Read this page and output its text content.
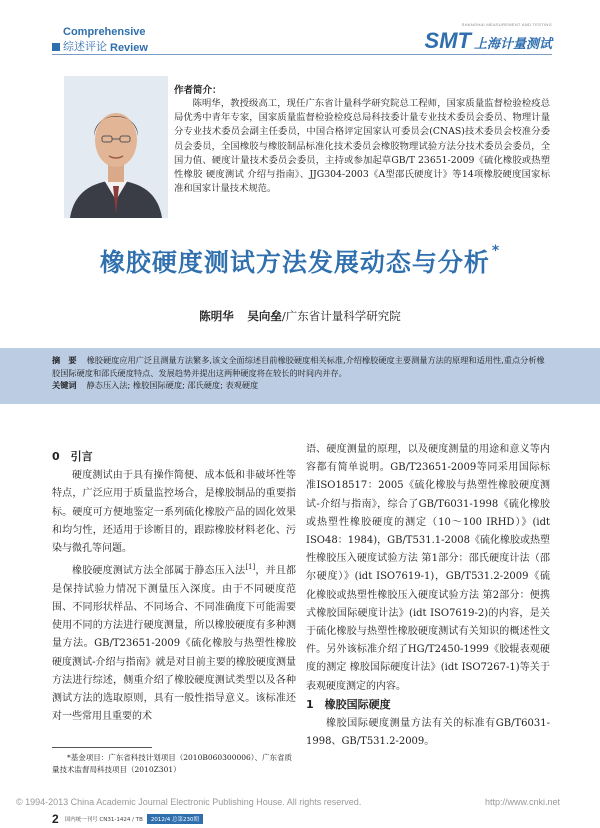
Comprehensive
综述评论 Review
SHANGHAI MEASUREMENT AND TESTING
SMT 上海计量测试
作者简介：
陈明华，教授级高工，现任广东省计量科学研究院总工程师，国家质量监督检验检疫总局优秀中青年专家，国家质量监督检验检疫总局科技委计量专业技术委员会委员、物理计量分专业技术委员会副主任委员，中国合格评定国家认可委员会(CNAS)技术委员会校准分委员会委员，全国橡胶与橡胶制品标准化技术委员会橡胶物理试验方法分技术委员会委员，全国力值、硬度计量技术委员会委员，主持或参加起草GB/T 23651-2009《硫化橡胶或热塑性橡胶 硬度测试 介绍与指南》、JJG304-2003《A型邵氏硬度计》等14项橡胶硬度国家标准和国家计量技术规范。
橡胶硬度测试方法发展动态与分析 *
陈明华 吴向垒/广东省计量科学研究院
摘　要 橡胶硬度应用广泛且测量方法繁多,该文全面综述目前橡胶硬度相关标准,介绍橡胶硬度主要测量方法的原理和适用性,重点分析橡胶国际硬度和邵氏硬度特点、发展趋势并提出这两种硬度将在较长的时间内并存。
关键词 静态压入法; 橡胶国际硬度; 邵氏硬度; 表观硬度
0　引言
硬度测试由于具有操作简便、成本低和非破坏性等特点，广泛应用于质量监控场合，是橡胶制品的重要指标。硬度可方便地鉴定一系列硫化橡胶产品的固化效果和均匀性，还适用于诊断目的，跟踪橡胶材料老化、污染与微孔等问题。
橡胶硬度测试方法全部属于静态压入法[1]，并且都是保持试验力情况下测量压入深度。由于不同硬度范围、不同形状样品、不同场合、不同准确度下可能需要使用不同的方法进行硬度测量，所以橡胶硬度有多种测量方法。GB/T23651-2009《硫化橡胶与热塑性橡胶硬度测试-介绍与指南》就是对目前主要的橡胶硬度测量方法进行综述，侧重介绍了橡胶硬度测试类型以及各种测试方法的选取原则，具有一般性指导意义。该标准还对一些常用且重要的术
语、硬度测量的原理，以及硬度测量的用途和意义等内容都有简单说明。GB/T23651-2009等同采用国际标准ISO18517：2005《硫化橡胶与热塑性橡胶硬度测试-介绍与指南》，综合了GB/T6031-1998《硫化橡胶或热塑性橡胶硬度的测定（10～100 IRHD）》(idt ISO48：1984)，GB/T531.1-2008《硫化橡胶或热塑性橡胶压入硬度试验方法 第1部分：邵氏硬度计法（邵尔硬度）》(idt ISO7619-1)，GB/T531.2-2009《硫化橡胶或热塑性橡胶压入硬度试验方法 第2部分：便携式橡胶国际硬度计法》(idt ISO7619-2)的内容，是关于硫化橡胶与热塑性橡胶硬度测试有关知识的概述性文件。另外该标准介绍了HG/T2450-1999《胶辊表观硬度的测定 橡胶国际硬度计法》(idt ISO7267-1)等关于表观硬度测定的内容。
1　橡胶国际硬度
橡胶国际硬度测量方法有关的标准有GB/T6031-1998、GB/T531.2-2009。
*基金项目：广东省科技计划项目（2010B060300006）、广东省质量技术监督局科技项目（2010Z301）
© 1994-2013 China Academic Journal Electronic Publishing House. All rights reserved.	http://www.cnki.net
2 国内统一刊号 CN31-1424 / TB	2012/4 总第230期
